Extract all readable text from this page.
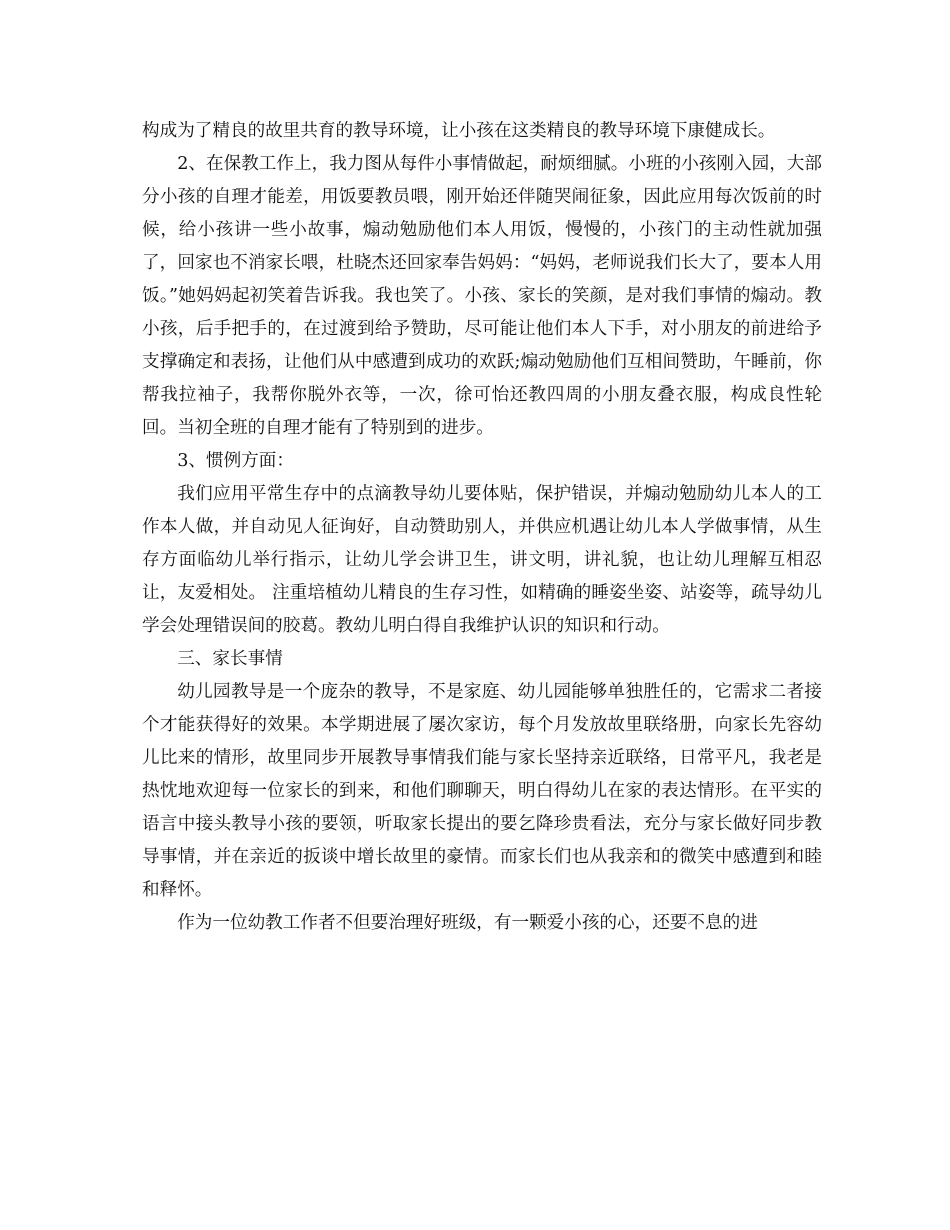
构成为了精良的故里共育的教导环境，让小孩在这类精良的教导环境下康健成长。

2、在保教工作上，我力图从每件小事情做起，耐烦细腻。小班的小孩刚入园，大部分小孩的自理才能差，用饭要教员喂，刚开始还伴随哭闹征象，因此应用每次饭前的时候，给小孩讲一些小故事，煽动勉励他们本人用饭，慢慢的，小孩门的主动性就加强了，回家也不消家长喂，杜晓杰还回家奉告妈妈：“妈妈，老师说我们长大了，要本人用饭。”她妈妈起初笑着告诉我。我也笑了。小孩、家长的笑颜，是对我们事情的煽动。教小孩，后手把手的，在过渡到给予赞助，尽可能让他们本人下手，对小朋友的前进给予支撑确定和表扬，让他们从中感遭到成功的欢跃;煽动勉励他们互相间赞助，午睡前，你帮我拉袖子，我帮你脱外衣等，一次，徐可怡还教四周的小朋友叠衣服，构成良性轮回。当初全班的自理才能有了特别到的进步。

3、惯例方面：

我们应用平常生存中的点滴教导幼儿要体贴，保护错误，并煽动勉励幼儿本人的工作本人做，并自动见人征询好，自动赞助别人，并供应机遇让幼儿本人学做事情，从生存方面临幼儿举行指示，让幼儿学会讲卫生，讲文明，讲礼貌，也让幼儿理解互相忍让，友爱相处。 注重培植幼儿精良的生存习性，如精确的睡姿坐姿、站姿等，疏导幼儿学会处理错误间的胶葛。教幼儿明白得自我维护认识的知识和行动。

三、家长事情

幼儿园教导是一个庞杂的教导，不是家庭、幼儿园能够单独胜任的，它需求二者接个才能获得好的效果。本学期进展了屡次家访，每个月发放故里联络册，向家长先容幼儿比来的情形，故里同步开展教导事情我们能与家长坚持亲近联络，日常平凡，我老是热忱地欢迎每一位家长的到来，和他们聊聊天，明白得幼儿在家的表达情形。在平实的语言中接头教导小孩的要领，听取家长提出的要乞降珍贵看法，充分与家长做好同步教导事情，并在亲近的扳谈中增长故里的豪情。而家长们也从我亲和的微笑中感遭到和睦和释怀。

作为一位幼教工作者不但要治理好班级，有一颗爱小孩的心，还要不息的进
